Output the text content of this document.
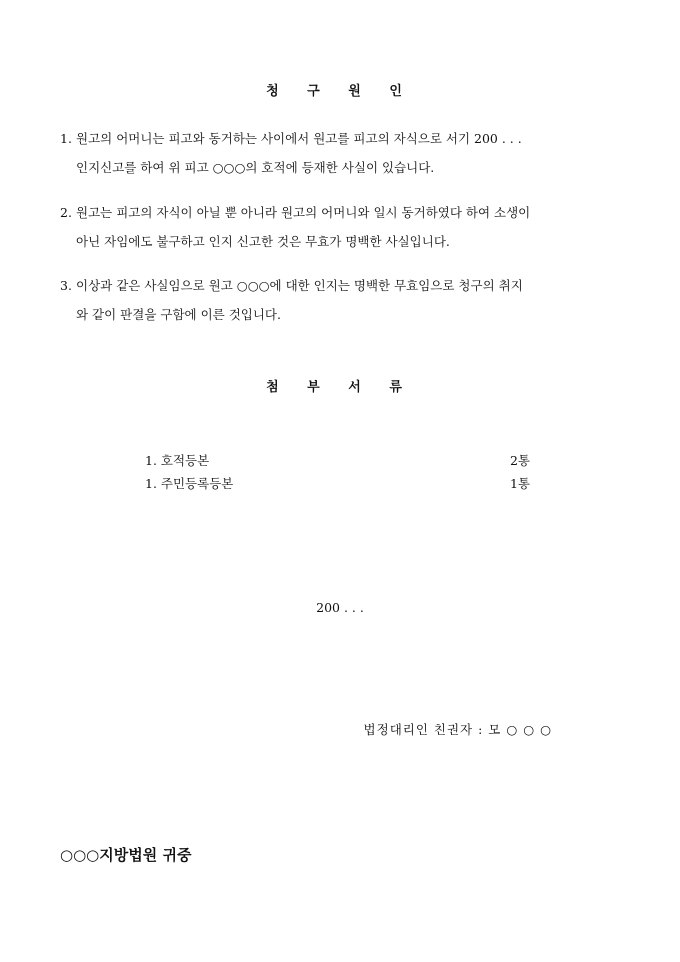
청 구 원 인
1. 원고의 어머니는 피고와 동거하는 사이에서 원고를 피고의 자식으로 서기 200 . . .
인지신고를 하여 위 피고 ○○○의 호적에 등재한 사실이 있습니다.
2. 원고는 피고의 자식이 아닐 뿐 아니라 원고의 어머니와 일시 동거하였다 하여 소생이
아닌 자임에도 불구하고 인지 신고한 것은 무효가 명백한 사실입니다.
3. 이상과 같은 사실임으로 원고 ○○○에 대한 인지는 명백한 무효임으로 청구의 취지
와 같이 판결을 구함에 이른 것입니다.
첨 부 서 류
1. 호적등본	2통
1. 주민등록등본	1통
200 . . .
법정대리인 친권자 : 모 ○ ○ ○
○○○지방법원 귀중
